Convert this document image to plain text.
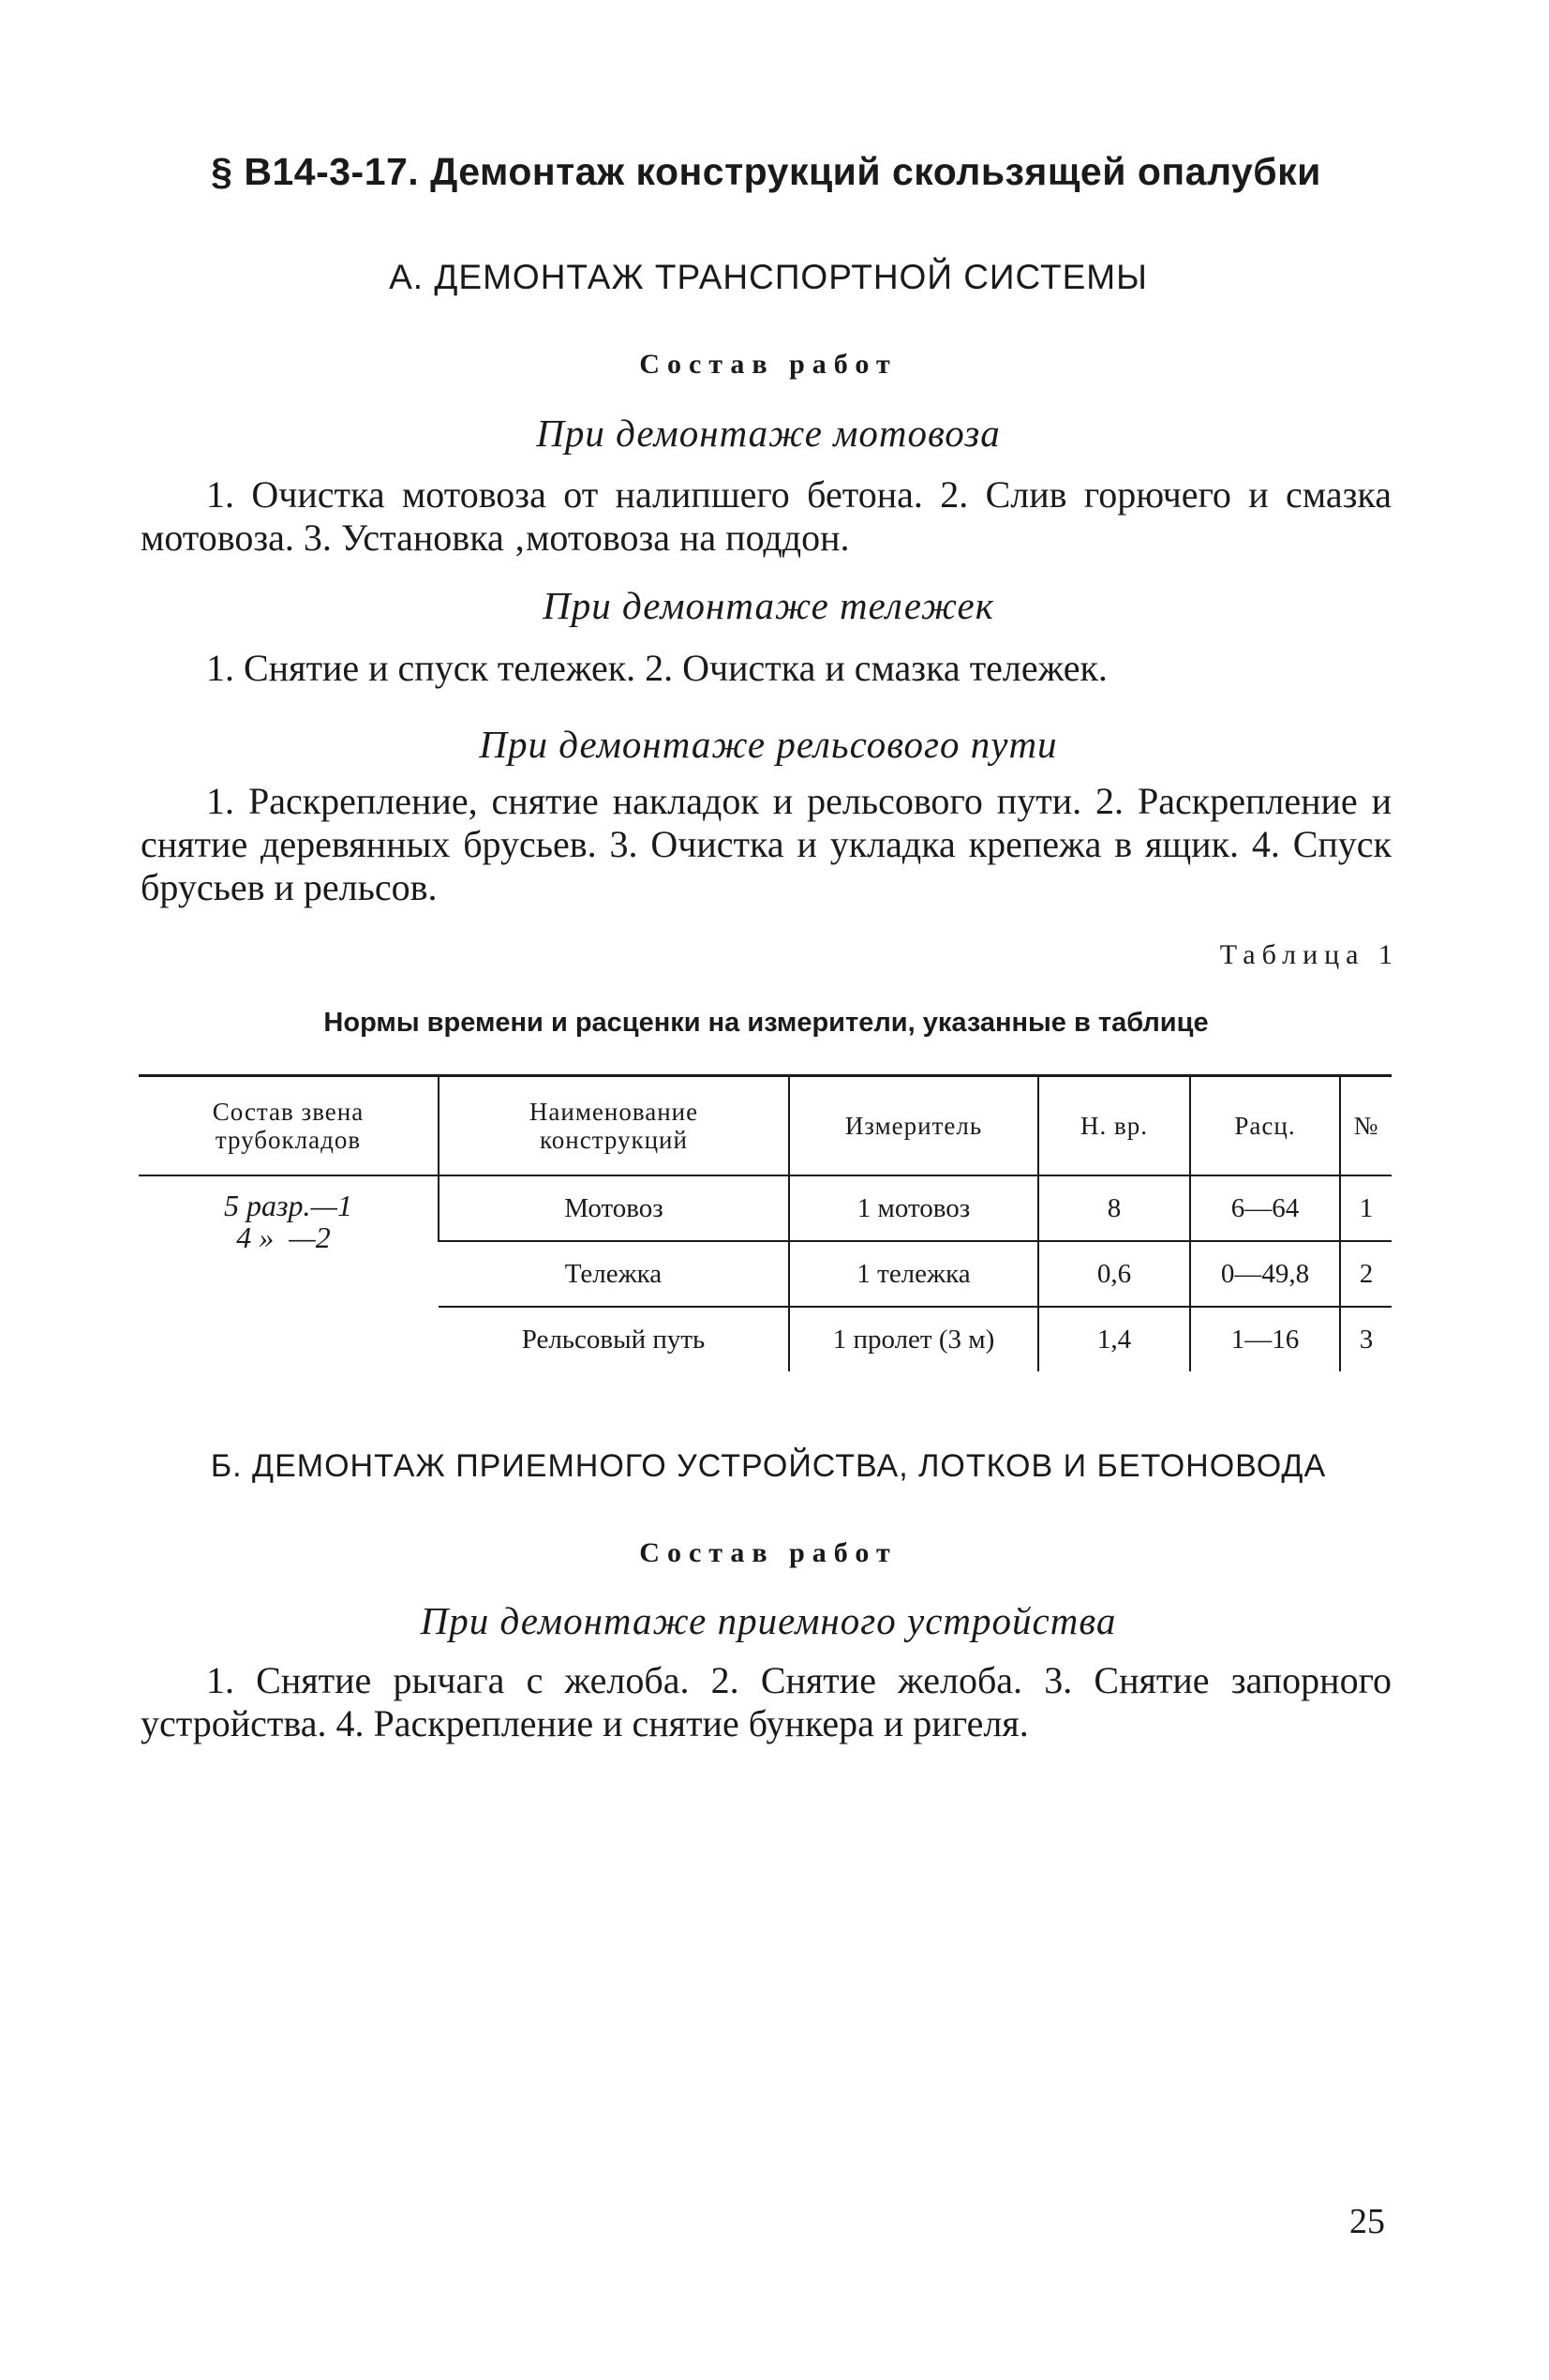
§ В14-3-17. Демонтаж конструкций скользящей опалубки
А. ДЕМОНТАЖ ТРАНСПОРТНОЙ СИСТЕМЫ
Состав работ
При демонтаже мотовоза

1. Очистка мотовоза от налипшего бетона. 2. Слив горючего и смазка мотовоза. 3. Установка ‚мотовоза на поддон.

При демонтаже тележек

1. Снятие и спуск тележек. 2. Очистка и смазка тележек.

При демонтаже рельсового пути

1. Раскрепление, снятие накладок и рельсового пути. 2. Раскрепление и снятие деревянных брусьев. 3. Очистка и укладка крепежа в ящик. 4. Спуск брусьев и рельсов.

Таблица 1
Нормы времени и расценки на измерители, указанные в таблице
Состав звена трубокладов	Наименование конструкций	Измеритель	Н. вр.	Расц.	№

5 разр.—1
4 »  —2	Мотовоз	1 мотовоз	8	6—64	1
	Тележка	1 тележка	0,6	0—49,8	2
	Рельсовый путь	1 пролет (3 м)	1,4	1—16	3
Б. ДЕМОНТАЖ ПРИЕМНОГО УСТРОЙСТВА, ЛОТКОВ И БЕТОНОВОДА
Состав работ
При демонтаже приемного устройства

1. Снятие рычага с желоба. 2. Снятие желоба. 3. Снятие запорного устройства. 4. Раскрепление и снятие бункера и ригеля.

25
